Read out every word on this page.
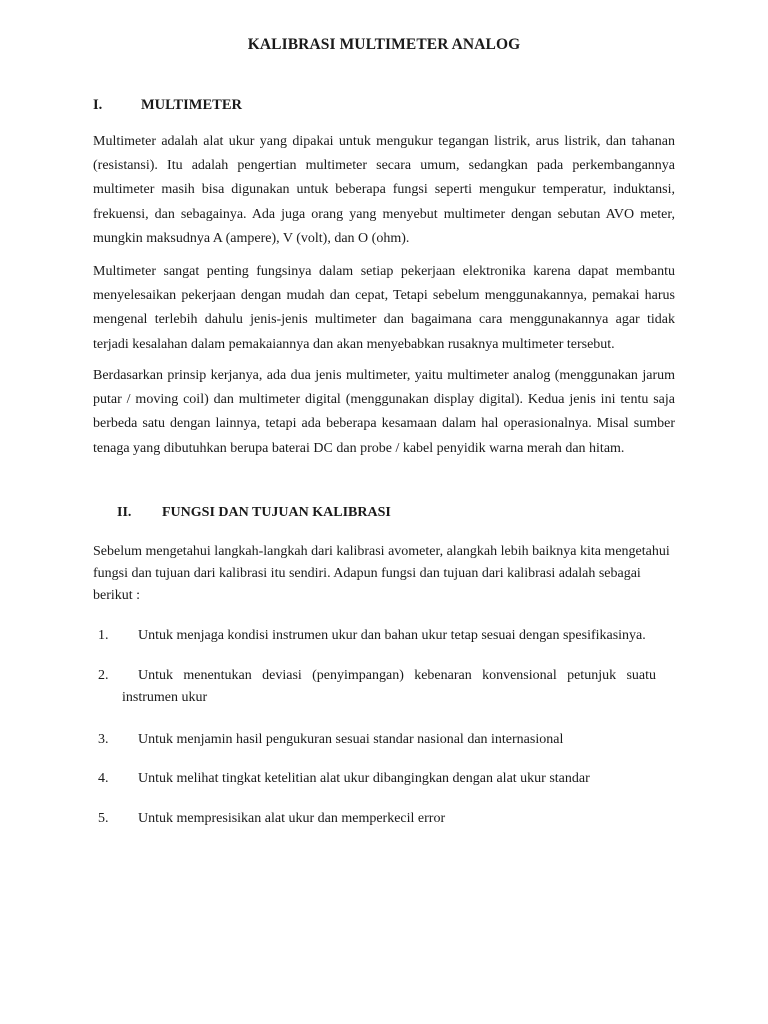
KALIBRASI MULTIMETER ANALOG
I.	MULTIMETER

Multimeter adalah alat ukur yang dipakai untuk mengukur tegangan listrik, arus listrik, dan tahanan (resistansi). Itu adalah pengertian multimeter secara umum, sedangkan pada perkembangannya multimeter masih bisa digunakan untuk beberapa fungsi seperti mengukur temperatur, induktansi, frekuensi, dan sebagainya. Ada juga orang yang menyebut multimeter dengan sebutan AVO meter, mungkin maksudnya A (ampere), V (volt), dan O (ohm).

Multimeter sangat penting fungsinya dalam setiap pekerjaan elektronika karena dapat membantu menyelesaikan pekerjaan dengan mudah dan cepat, Tetapi sebelum menggunakannya, pemakai harus mengenal terlebih dahulu jenis-jenis multimeter dan bagaimana cara menggunakannya agar tidak terjadi kesalahan dalam pemakaiannya dan akan menyebabkan rusaknya multimeter tersebut.

Berdasarkan prinsip kerjanya, ada dua jenis multimeter, yaitu multimeter analog (menggunakan jarum putar / moving coil) dan multimeter digital (menggunakan display digital). Kedua jenis ini tentu saja berbeda satu dengan lainnya, tetapi ada beberapa kesamaan dalam hal operasionalnya. Misal sumber tenaga yang dibutuhkan berupa baterai DC dan probe / kabel penyidik warna merah dan hitam.

II. FUNGSI DAN TUJUAN KALIBRASI

Sebelum mengetahui langkah-langkah dari kalibrasi avometer, alangkah lebih baiknya kita mengetahui fungsi dan tujuan dari kalibrasi itu sendiri. Adapun fungsi dan tujuan dari kalibrasi adalah sebagai berikut :

1. Untuk menjaga kondisi instrumen ukur dan bahan ukur tetap sesuai dengan spesifikasinya.
2. Untuk menentukan deviasi (penyimpangan) kebenaran konvensional petunjuk suatu
instrumen ukur
3. Untuk menjamin hasil pengukuran sesuai standar nasional dan internasional
4. Untuk melihat tingkat ketelitian alat ukur dibangingkan dengan alat ukur standar
5. Untuk mempresisikan alat ukur dan memperkecil error
